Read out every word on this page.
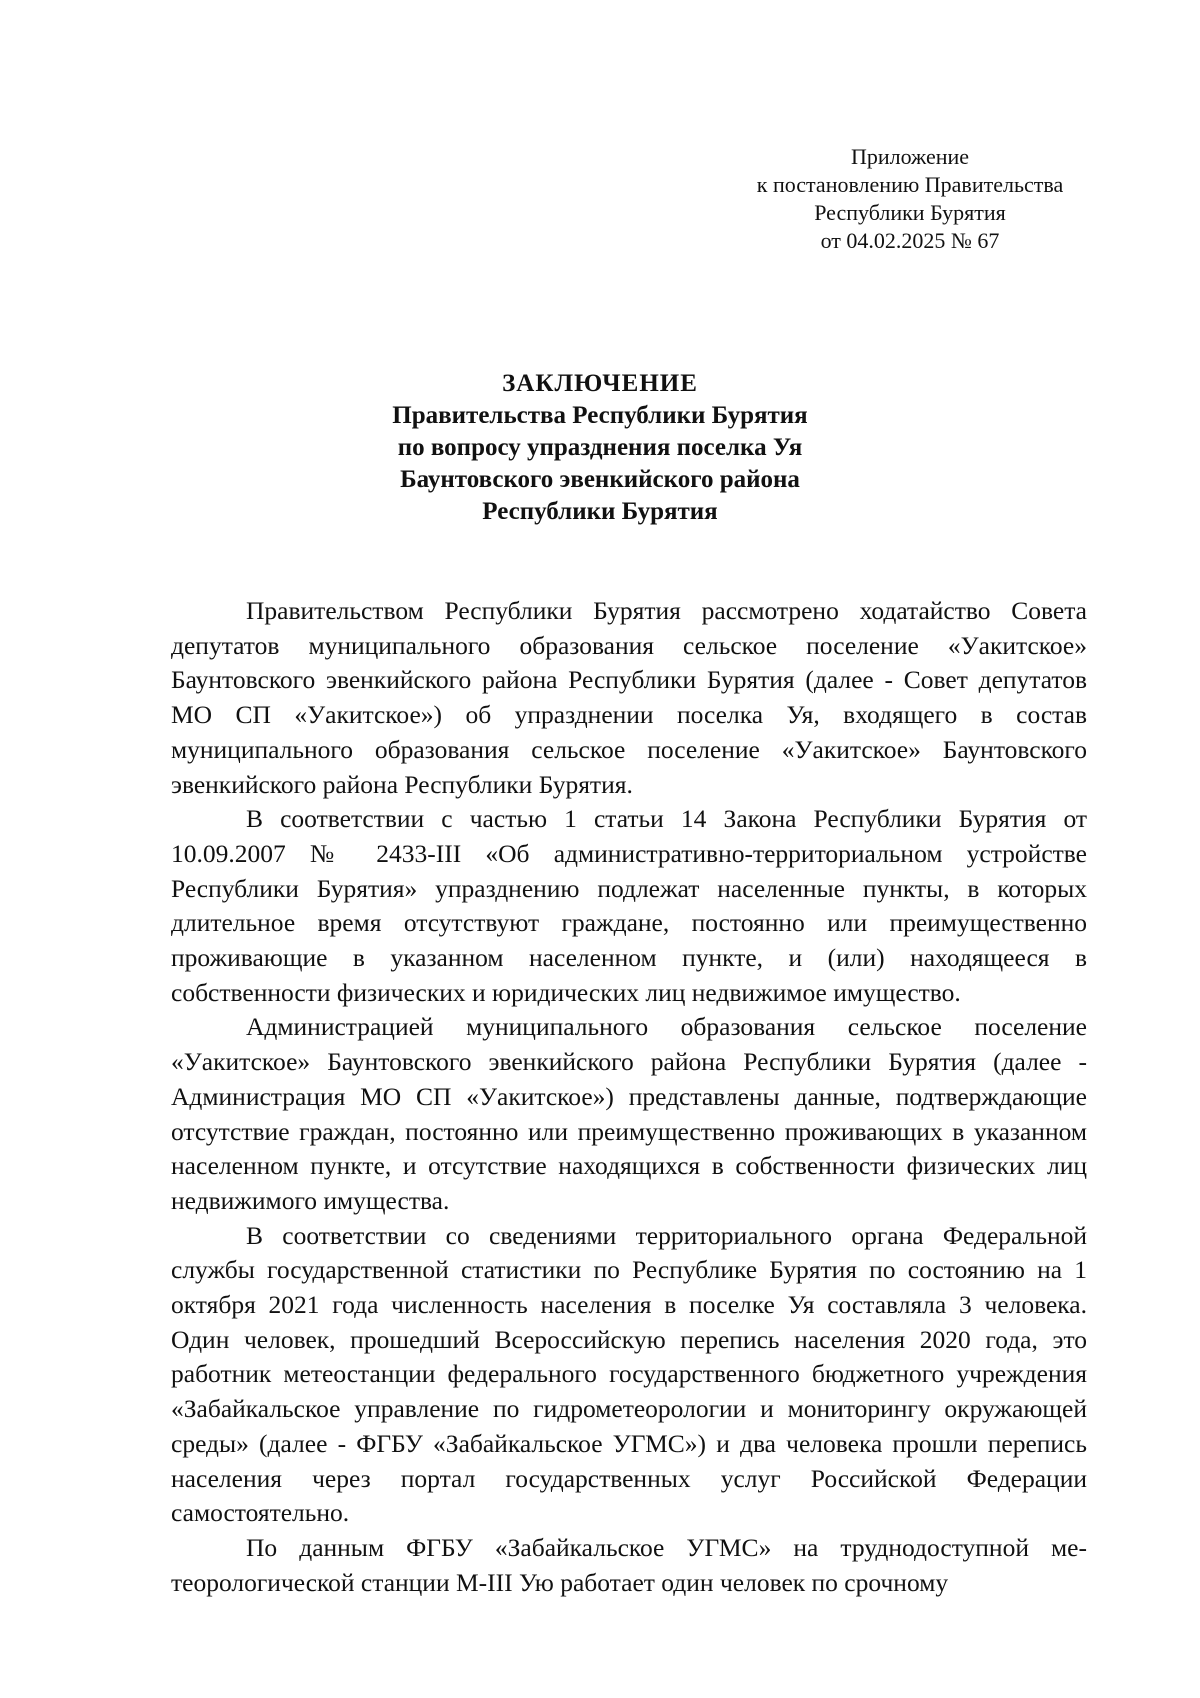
Приложение
к постановлению Правительства
Республики Бурятия
от 04.02.2025 № 67
ЗАКЛЮЧЕНИЕ
Правительства Республики Бурятия
по вопросу упразднения поселка Уя
Баунтовского эвенкийского района
Республики Бурятия

Правительством Республики Бурятия рассмотрено ходатайство Совета депутатов муниципального образования сельское поселение «Уакитское» Баунтовского эвенкийского района Республики Бурятия (далее - Совет депутатов МО СП «Уакитское») об упразднении поселка Уя, входящего в состав муниципального образования сельское поселение «Уакитское» Баунтовского эвенкийского района Республики Бурятия.

В соответствии с частью 1 статьи 14 Закона Республики Бурятия от 10.09.2007 № 2433-III «Об административно-территориальном устройстве Республики Бурятия» упразднению подлежат населенные пункты, в которых длительное время отсутствуют граждане, постоянно или преимущественно проживающие в указанном населенном пункте, и (или) находящееся в собственности физических и юридических лиц недвижимое имущество.

Администрацией муниципального образования сельское поселение «Уакитское» Баунтовского эвенкийского района Республики Бурятия (далее - Администрация МО СП «Уакитское») представлены данные, подтверждающие отсутствие граждан, постоянно или преимущественно проживающих в указанном населенном пункте, и отсутствие находящихся в собственности физических лиц недвижимого имущества.

В соответствии со сведениями территориального органа Федеральной службы государственной статистики по Республике Бурятия по состоянию на 1 октября 2021 года численность населения в поселке Уя составляла 3 человека. Один человек, прошедший Всероссийскую перепись населения 2020 года, это работник метеостанции федерального государственного бюджетного учреждения «Забайкальское управление по гидрометеорологии и мониторингу окружающей среды» (далее - ФГБУ «Забайкальское УГМС») и два человека прошли перепись населения через портал государственных услуг Российской Федерации самостоятельно.

По данным ФГБУ «Забайкальское УГМС» на труднодоступной метеорологической станции М-III Ую работает один человек по срочному
